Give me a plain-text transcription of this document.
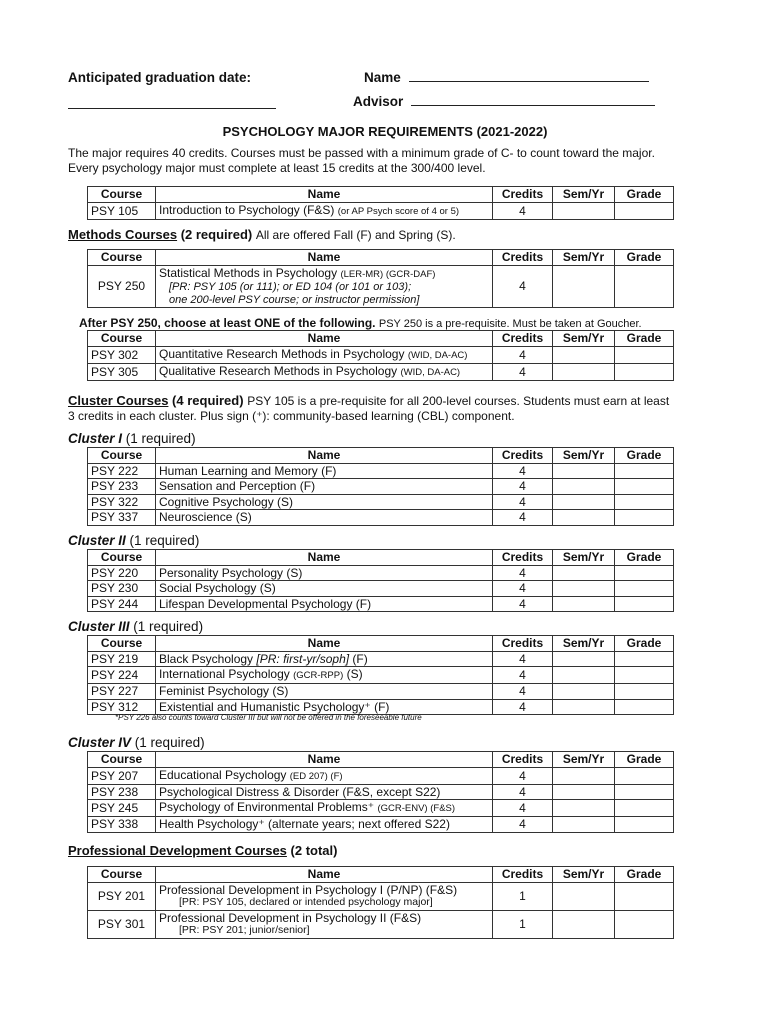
Anticipated graduation date:	Name
Advisor
PSYCHOLOGY MAJOR REQUIREMENTS (2021-2022)
The major requires 40 credits. Courses must be passed with a minimum grade of C- to count toward the major.
Every psychology major must complete at least 15 credits at the 300/400 level.
Course	Name	Credits	Sem/Yr	Grade
PSY 105	Introduction to Psychology (F&S) (or AP Psych score of 4 or 5)	4		
Methods Courses (2 required) All are offered Fall (F) and Spring (S).
Course	Name	Credits	Sem/Yr	Grade
PSY 250	Statistical Methods in Psychology (LER-MR) (GCR-DAF)
[PR: PSY 105 (or 111); or ED 104 (or 101 or 103);
one 200-level PSY course; or instructor permission]	4		
After PSY 250, choose at least ONE of the following. PSY 250 is a pre-requisite. Must be taken at Goucher.
Course	Name	Credits	Sem/Yr	Grade
PSY 302	Quantitative Research Methods in Psychology (WID, DA-AC)	4		
PSY 305	Qualitative Research Methods in Psychology (WID, DA-AC)	4		
Cluster Courses (4 required) PSY 105 is a pre-requisite for all 200-level courses. Students must earn at least
3 credits in each cluster. Plus sign (⁺): community-based learning (CBL) component.
Cluster I (1 required)
Course	Name	Credits	Sem/Yr	Grade
PSY 222	Human Learning and Memory (F)	4		
PSY 233	Sensation and Perception (F)	4		
PSY 322	Cognitive Psychology (S)	4		
PSY 337	Neuroscience (S)	4		
Cluster II (1 required)
Course	Name	Credits	Sem/Yr	Grade
PSY 220	Personality Psychology (S)	4		
PSY 230	Social Psychology (S)	4		
PSY 244	Lifespan Developmental Psychology (F)	4		
Cluster III (1 required)
Course	Name	Credits	Sem/Yr	Grade
PSY 219	Black Psychology [PR: first-yr/soph] (F)	4		
PSY 224	International Psychology (GCR-RPP) (S)	4		
PSY 227	Feminist Psychology (S)	4		
PSY 312	Existential and Humanistic Psychology⁺ (F)	4		
*PSY 226 also counts toward Cluster III but will not be offered in the foreseeable future
Cluster IV (1 required)
Course	Name	Credits	Sem/Yr	Grade
PSY 207	Educational Psychology (ED 207) (F)	4		
PSY 238	Psychological Distress & Disorder (F&S, except S22)	4		
PSY 245	Psychology of Environmental Problems⁺ (GCR-ENV) (F&S)	4		
PSY 338	Health Psychology⁺ (alternate years; next offered S22)	4		
Professional Development Courses (2 total)
Course	Name	Credits	Sem/Yr	Grade
PSY 201	Professional Development in Psychology I (P/NP) (F&S)
[PR: PSY 105, declared or intended psychology major]	1		
PSY 301	Professional Development in Psychology II (F&S)
[PR: PSY 201; junior/senior]	1		
